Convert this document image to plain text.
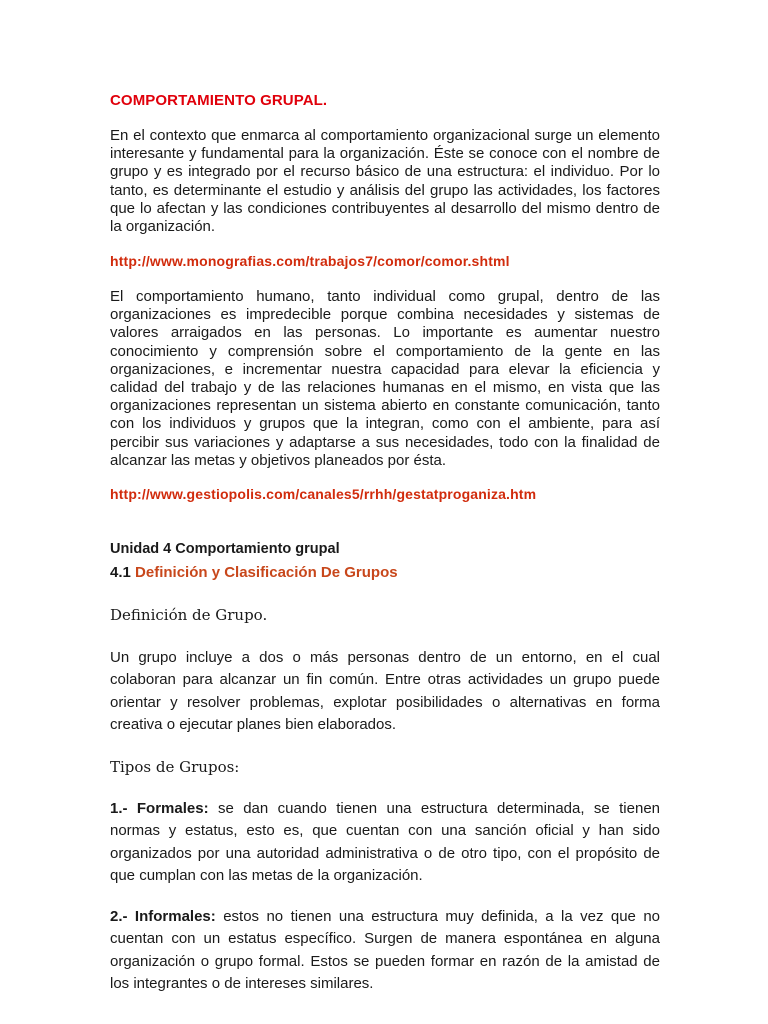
COMPORTAMIENTO GRUPAL.
En el contexto que enmarca al comportamiento organizacional surge un elemento interesante y fundamental para la organización. Éste se conoce con el nombre de grupo y es integrado por el recurso básico de una estructura: el individuo. Por lo tanto, es determinante el estudio y análisis del grupo las actividades, los factores que lo afectan y las condiciones contribuyentes al desarrollo del mismo dentro de la organización.
http://www.monografias.com/trabajos7/comor/comor.shtml
El comportamiento humano, tanto individual como grupal, dentro de las organizaciones es impredecible porque combina necesidades y sistemas de valores arraigados en las personas. Lo importante es aumentar nuestro conocimiento y comprensión sobre el comportamiento de la gente en las organizaciones, e incrementar nuestra capacidad para elevar la eficiencia y calidad del trabajo y de las relaciones humanas en el mismo, en vista que las organizaciones representan un sistema abierto en constante comunicación, tanto con los individuos y grupos que la integran, como con el ambiente, para así percibir sus variaciones y adaptarse a sus necesidades, todo con la finalidad de alcanzar las metas y objetivos planeados por ésta.
http://www.gestiopolis.com/canales5/rrhh/gestatproganiza.htm
Unidad 4 Comportamiento grupal
4.1 Definición y Clasificación De Grupos
Definición de Grupo.
Un grupo incluye a dos o más personas dentro de un entorno, en el cual colaboran para alcanzar un fin común. Entre otras actividades un grupo puede orientar y resolver problemas, explotar posibilidades o alternativas en forma creativa o ejecutar planes bien elaborados.
Tipos de Grupos:
1.- Formales: se dan cuando tienen una estructura determinada, se tienen normas y estatus, esto es, que cuentan con una sanción oficial y han sido organizados por una autoridad administrativa o de otro tipo, con el propósito de que cumplan con las metas de la organización.
2.- Informales: estos no tienen una estructura muy definida, a la vez que no cuentan con un estatus específico. Surgen de manera espontánea en alguna organización o grupo formal. Estos se pueden formar en razón de la amistad de los integrantes o de intereses similares.
